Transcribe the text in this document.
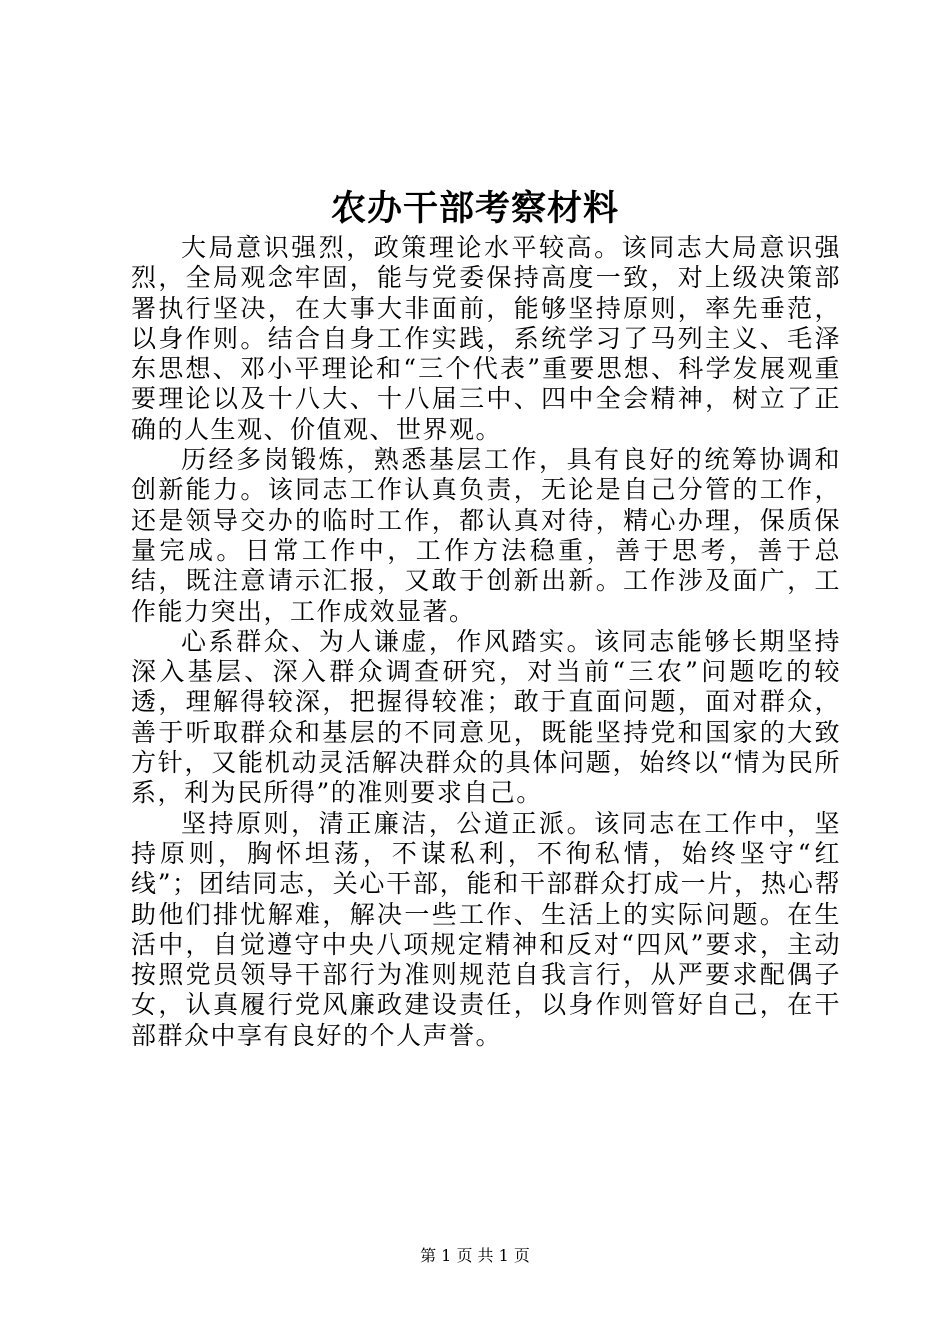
农办干部考察材料

大局意识强烈，政策理论水平较高。该同志大局意识强烈，全局观念牢固，能与党委保持高度一致，对上级决策部署执行坚决，在大事大非面前，能够坚持原则，率先垂范，以身作则。结合自身工作实践，系统学习了马列主义、毛泽东思想、邓小平理论和“三个代表”重要思想、科学发展观重要理论以及十八大、十八届三中、四中全会精神，树立了正确的人生观、价值观、世界观。

历经多岗锻炼，熟悉基层工作，具有良好的统筹协调和创新能力。该同志工作认真负责，无论是自己分管的工作，还是领导交办的临时工作，都认真对待，精心办理，保质保量完成。日常工作中，工作方法稳重，善于思考，善于总结，既注意请示汇报，又敢于创新出新。工作涉及面广，工作能力突出，工作成效显著。

心系群众、为人谦虚，作风踏实。该同志能够长期坚持深入基层、深入群众调查研究，对当前“三农”问题吃的较透，理解得较深，把握得较准；敢于直面问题，面对群众，善于听取群众和基层的不同意见，既能坚持党和国家的大致方针，又能机动灵活解决群众的具体问题，始终以“情为民所系，利为民所得”的准则要求自己。

坚持原则，清正廉洁，公道正派。该同志在工作中，坚持原则，胸怀坦荡，不谋私利，不徇私情，始终坚守“红线”；团结同志，关心干部，能和干部群众打成一片，热心帮助他们排忧解难，解决一些工作、生活上的实际问题。在生活中，自觉遵守中央八项规定精神和反对“四风”要求，主动按照党员领导干部行为准则规范自我言行，从严要求配偶子女，认真履行党风廉政建设责任，以身作则管好自己，在干部群众中享有良好的个人声誉。

第 1 页 共 1 页
